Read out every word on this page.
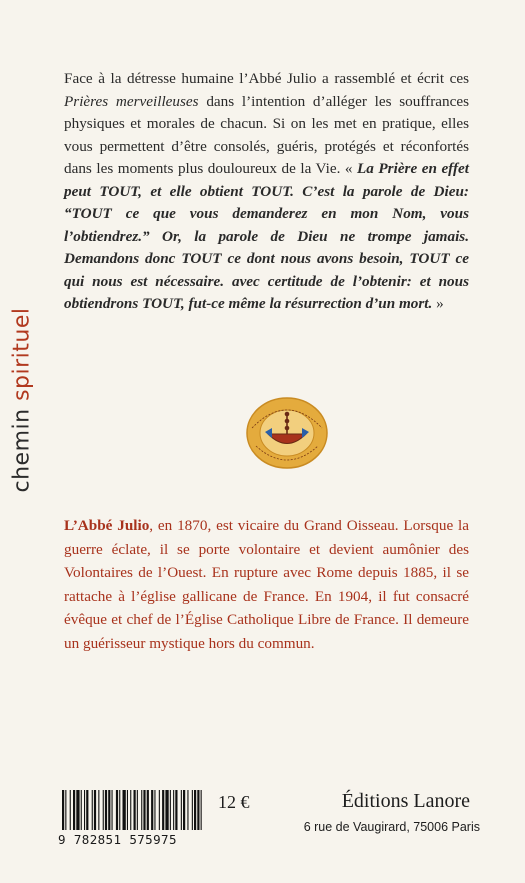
chemin spirituel

Face à la détresse humaine l’Abbé Julio a rassemblé et écrit ces Prières merveilleuses dans l’intention d’alléger les souffrances physiques et morales de chacun. Si on les met en pratique, elles vous permettent d’être consolés, guéris, protégés et réconfortés dans les moments plus douloureux de la Vie. « La Prière en effet peut TOUT, et elle obtient TOUT. C’est la parole de Dieu: “TOUT ce que vous demanderez en mon Nom, vous l’obtiendrez.” Or, la parole de Dieu ne trompe jamais. Demandons donc TOUT ce dont nous avons besoin, TOUT ce qui nous est nécessaire. avec certitude de l’obtenir: et nous obtiendrons TOUT, fut-ce même la résurrection d’un mort. »

L’Abbé Julio, en 1870, est vicaire du Grand Oisseau. Lorsque la guerre éclate, il se porte volontaire et devient aumônier des Volontaires de l’Ouest. En rupture avec Rome depuis 1885, il se rattache à l’église gallicane de France. En 1904, il fut consacré évêque et chef de l’Église Catholique Libre de France. Il demeure un guérisseur mystique hors du commun.

9 782851 575975
12 €	Éditions Lanore
6 rue de Vaugirard, 75006 Paris
